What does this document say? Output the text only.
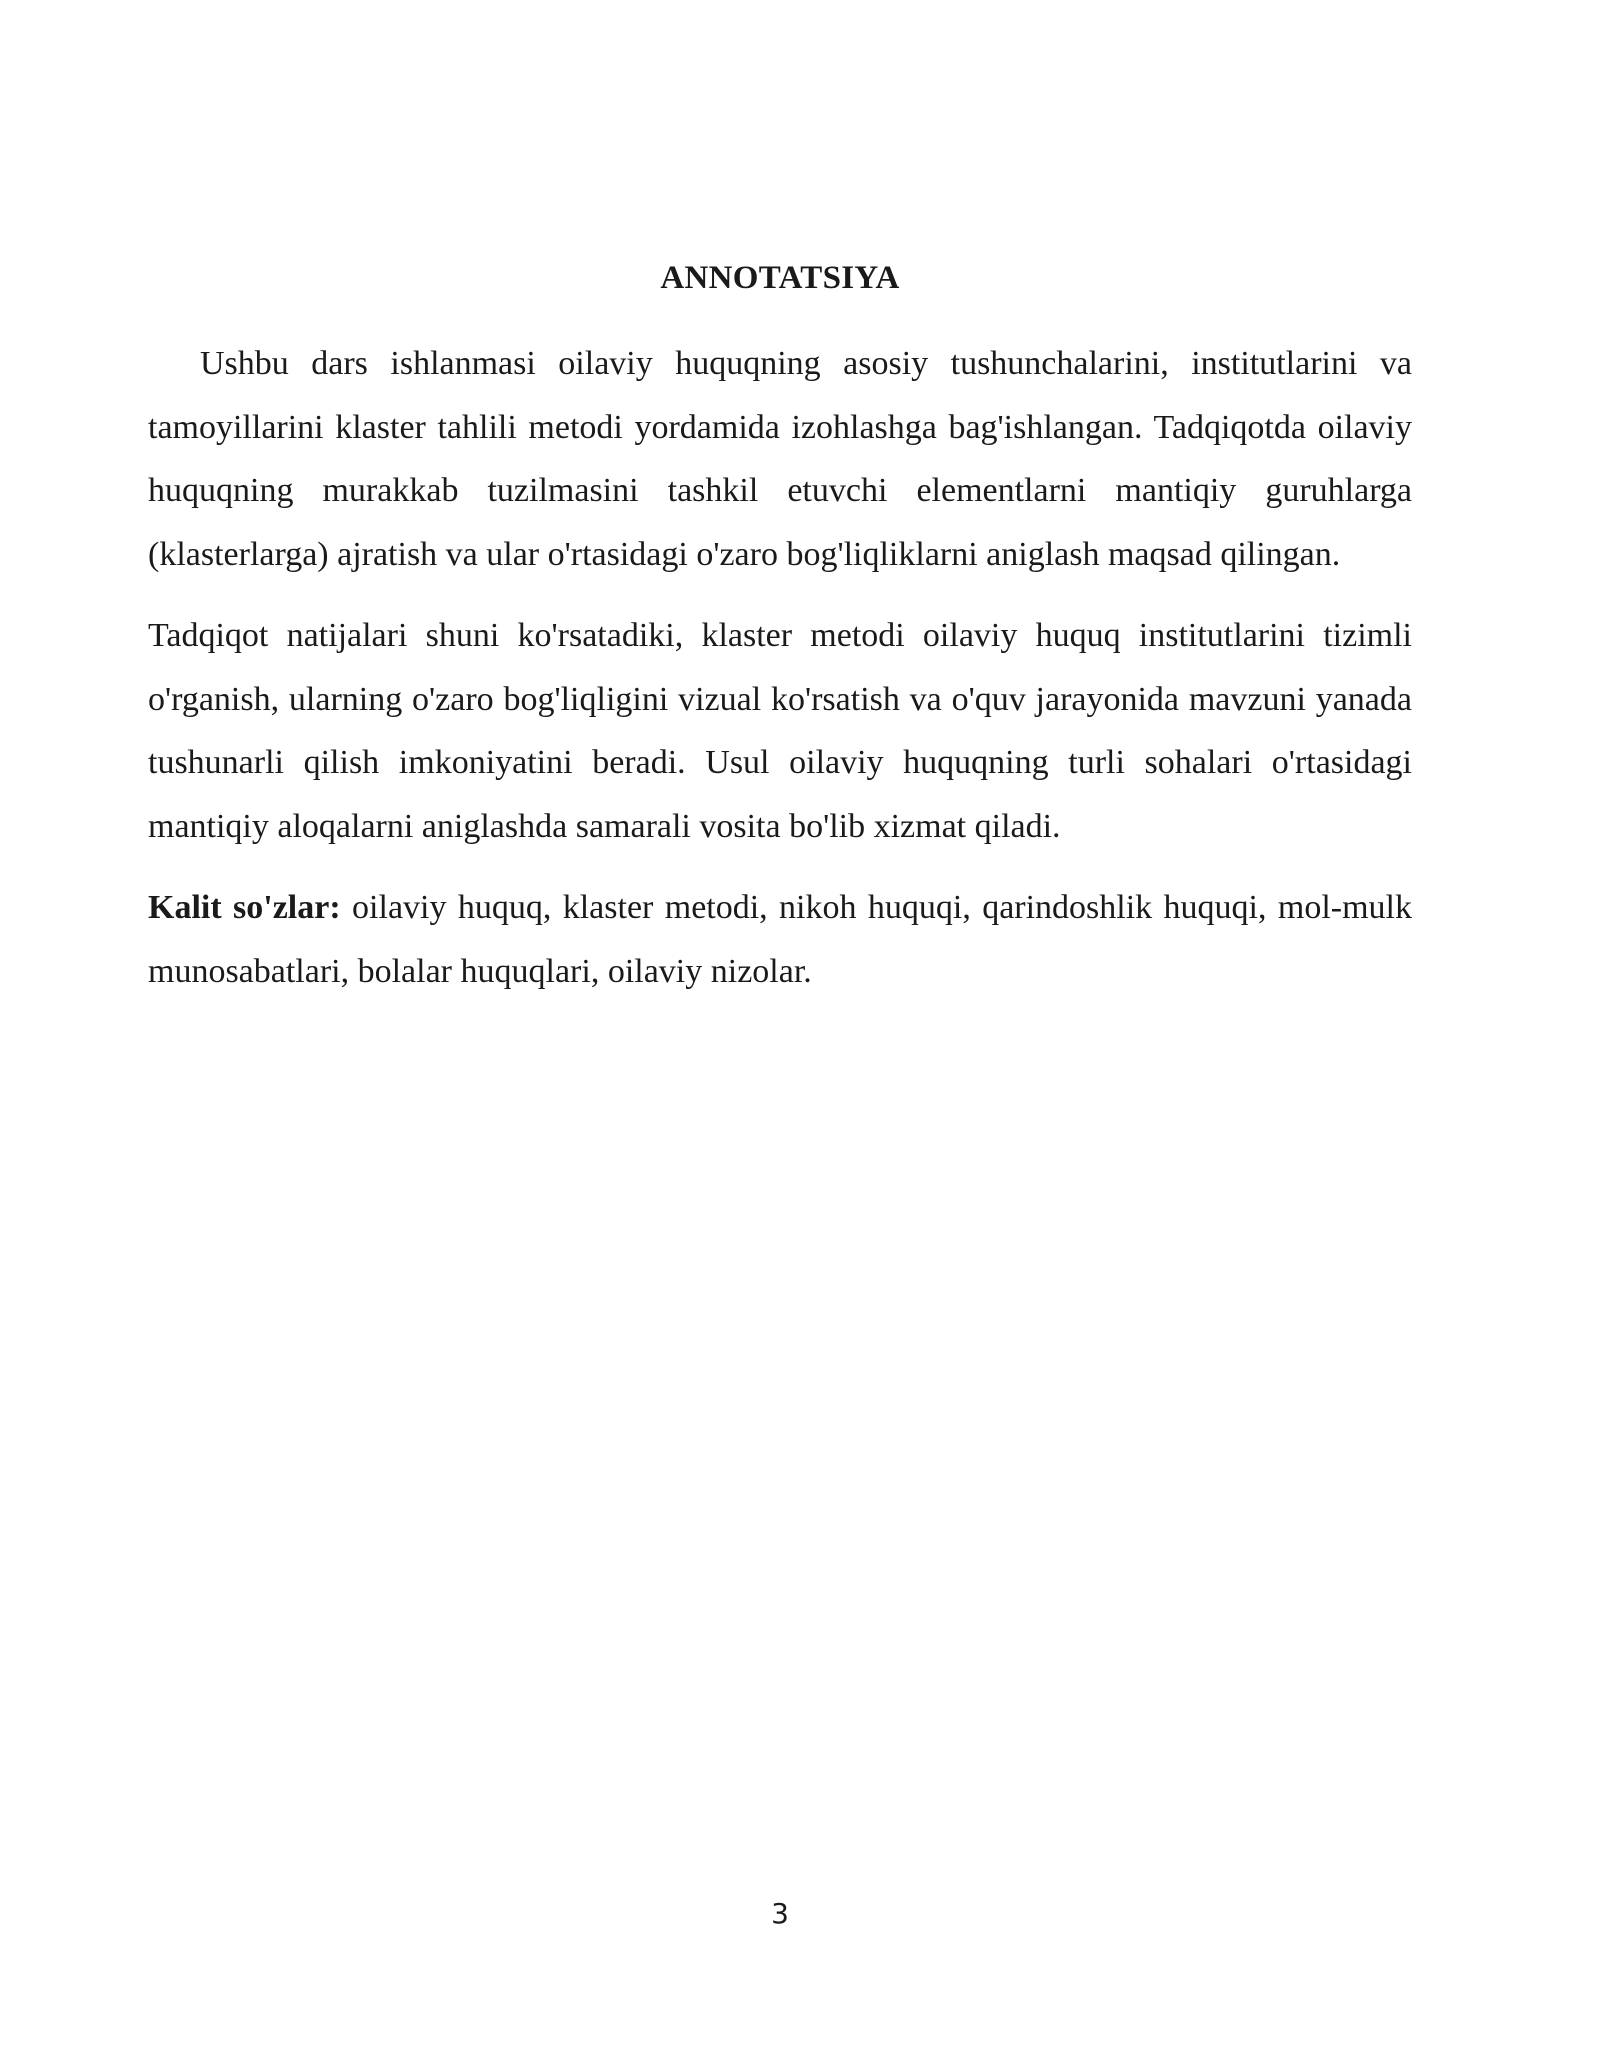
ANNOTATSIYA

Ushbu dars ishlanmasi oilaviy huquqning asosiy tushunchalarini, institutlarini va tamoyillarini klaster tahlili metodi yordamida izohlashga bag'ishlangan. Tadqiqotda oilaviy huquqning murakkab tuzilmasini tashkil etuvchi elementlarni mantiqiy guruhlarga (klasterlarga) ajratish va ular o'rtasidagi o'zaro bog'liqliklarni aniglash maqsad qilingan.

Tadqiqot natijalari shuni ko'rsatadiki, klaster metodi oilaviy huquq institutlarini tizimli o'rganish, ularning o'zaro bog'liqligini vizual ko'rsatish va o'quv jarayonida mavzuni yanada tushunarli qilish imkoniyatini beradi. Usul oilaviy huquqning turli sohalari o'rtasidagi mantiqiy aloqalarni aniglashda samarali vosita bo'lib xizmat qiladi.

Kalit so'zlar: oilaviy huquq, klaster metodi, nikoh huquqi, qarindoshlik huquqi, mol-mulk munosabatlari, bolalar huquqlari, oilaviy nizolar.

3
